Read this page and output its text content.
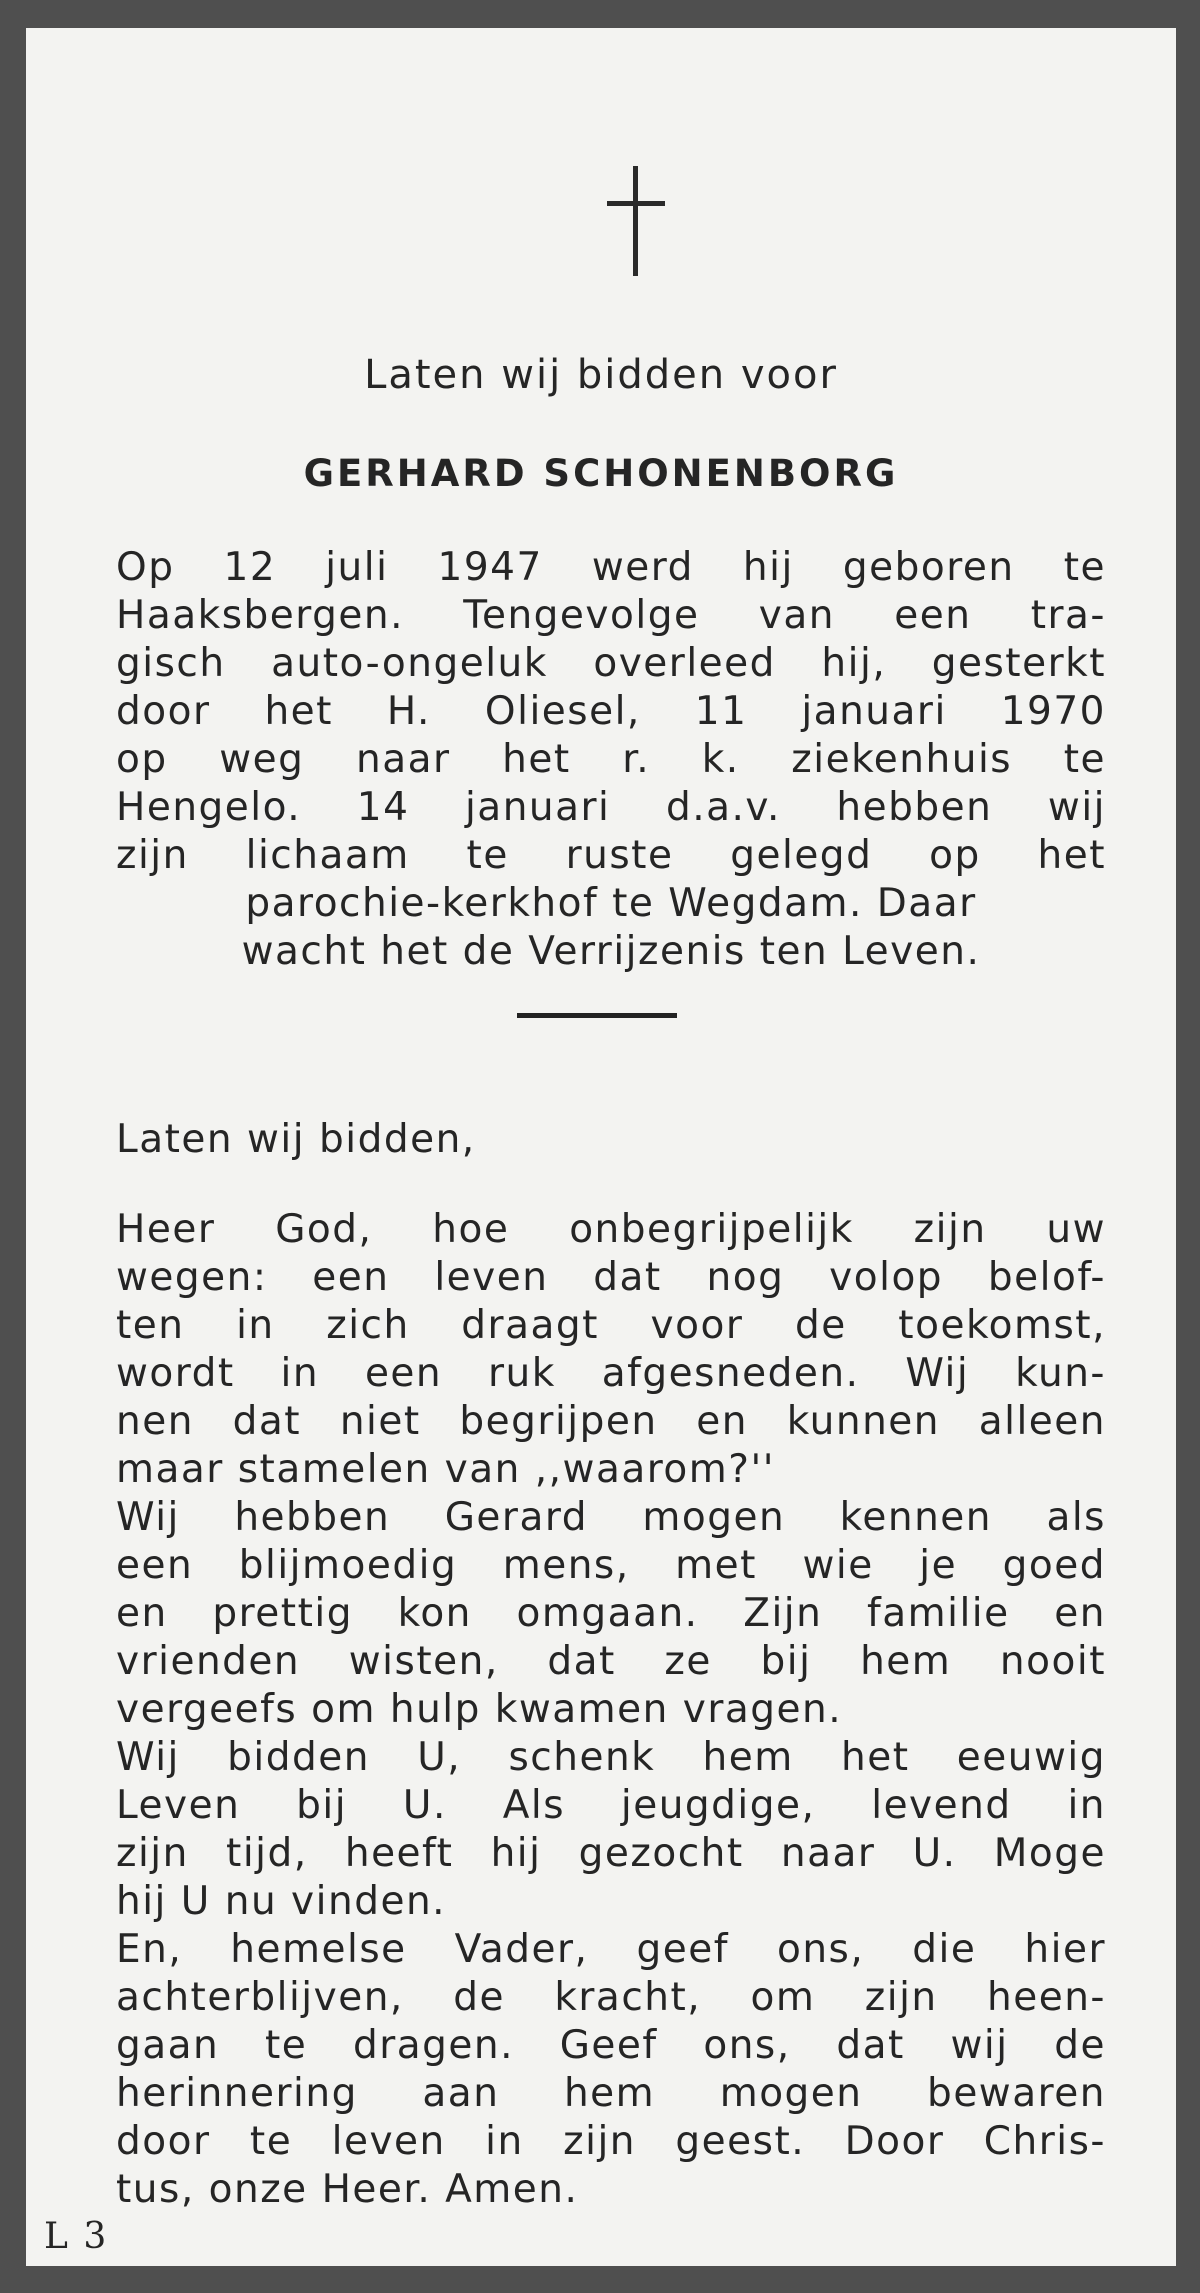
Laten wij bidden voor
GERHARD SCHONENBORG
Op 12 juli 1947 werd hij geboren te
Haaksbergen. Tengevolge van een tra-
gisch auto-ongeluk overleed hij, gesterkt
door het H. Oliesel, 11 januari 1970
op weg naar het r. k. ziekenhuis te
Hengelo. 14 januari d.a.v. hebben wij
zijn lichaam te ruste gelegd op het
parochie-kerkhof te Wegdam. Daar
wacht het de Verrijzenis ten Leven.
Laten wij bidden,
Heer God, hoe onbegrijpelijk zijn uw
wegen: een leven dat nog volop belof-
ten in zich draagt voor de toekomst,
wordt in een ruk afgesneden. Wij kun-
nen dat niet begrijpen en kunnen alleen
maar stamelen van ,,waarom?''
Wij hebben Gerard mogen kennen als
een blijmoedig mens, met wie je goed
en prettig kon omgaan. Zijn familie en
vrienden wisten, dat ze bij hem nooit
vergeefs om hulp kwamen vragen.
Wij bidden U, schenk hem het eeuwig
Leven bij U. Als jeugdige, levend in
zijn tijd, heeft hij gezocht naar U. Moge
hij U nu vinden.
En, hemelse Vader, geef ons, die hier
achterblijven, de kracht, om zijn heen-
gaan te dragen. Geef ons, dat wij de
herinnering aan hem mogen bewaren
door te leven in zijn geest. Door Chris-
tus, onze Heer. Amen.
L 3
